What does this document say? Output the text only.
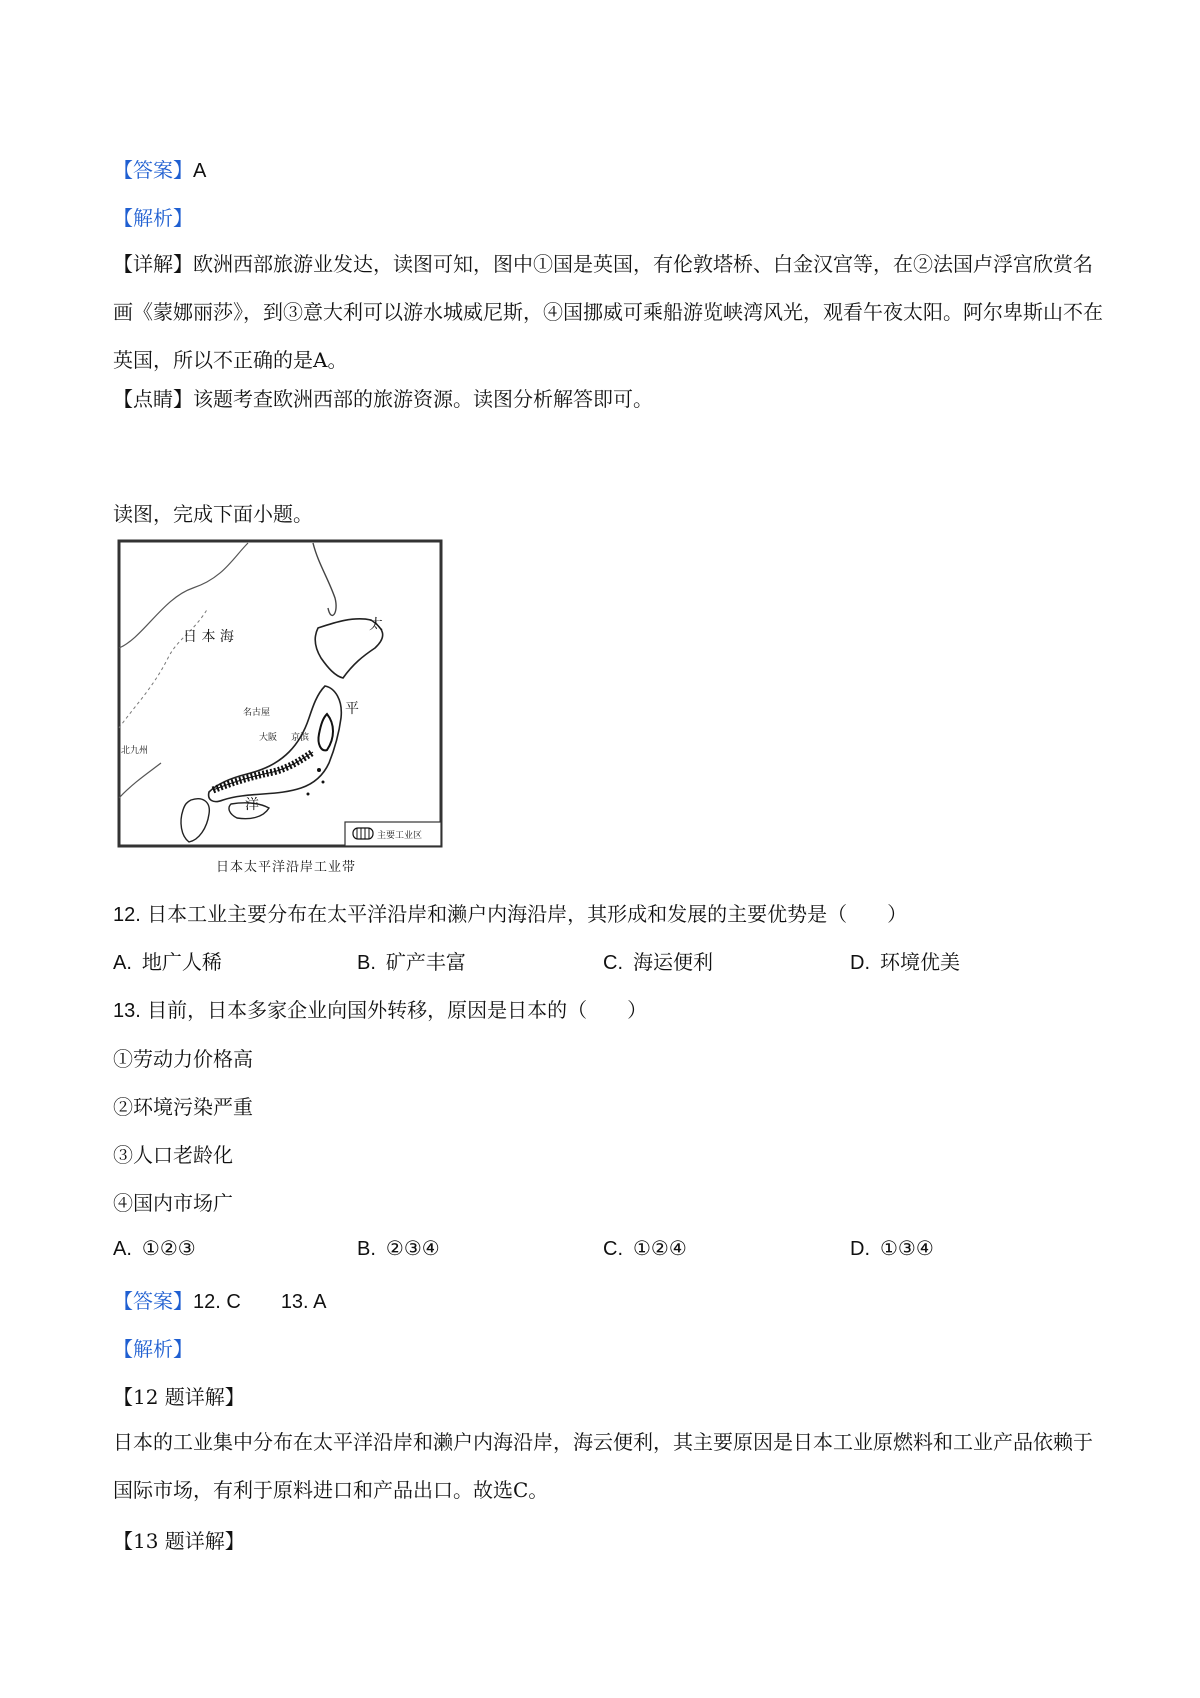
【答案】A
【解析】
【详解】欧洲西部旅游业发达，读图可知，图中①国是英国，有伦敦塔桥、白金汉宫等，在②法国卢浮宫欣赏名画《蒙娜丽莎》，到③意大利可以游水城威尼斯，④国挪威可乘船游览峡湾风光，观看午夜太阳。阿尔卑斯山不在英国，所以不正确的是A。
【点睛】该题考查欧洲西部的旅游资源。读图分析解答即可。
读图，完成下面小题。
日 本 海
太
平
洋
名古屋
大阪
北九州
京滨
主要工业区
日本太平洋沿岸工业带
12. 日本工业主要分布在太平洋沿岸和濑户内海沿岸，其形成和发展的主要优势是（　　）
A. 地广人稀	B. 矿产丰富	C. 海运便利	D. 环境优美
13. 目前，日本多家企业向国外转移，原因是日本的（　　）
①劳动力价格高
②环境污染严重
③人口老龄化
④国内市场广
A. ①②③	B. ②③④	C. ①②④	D. ①③④
【答案】12. C 13. A
【解析】
【12 题详解】
日本的工业集中分布在太平洋沿岸和濑户内海沿岸，海云便利，其主要原因是日本工业原燃料和工业产品依赖于国际市场，有利于原料进口和产品出口。故选C。
【13 题详解】
